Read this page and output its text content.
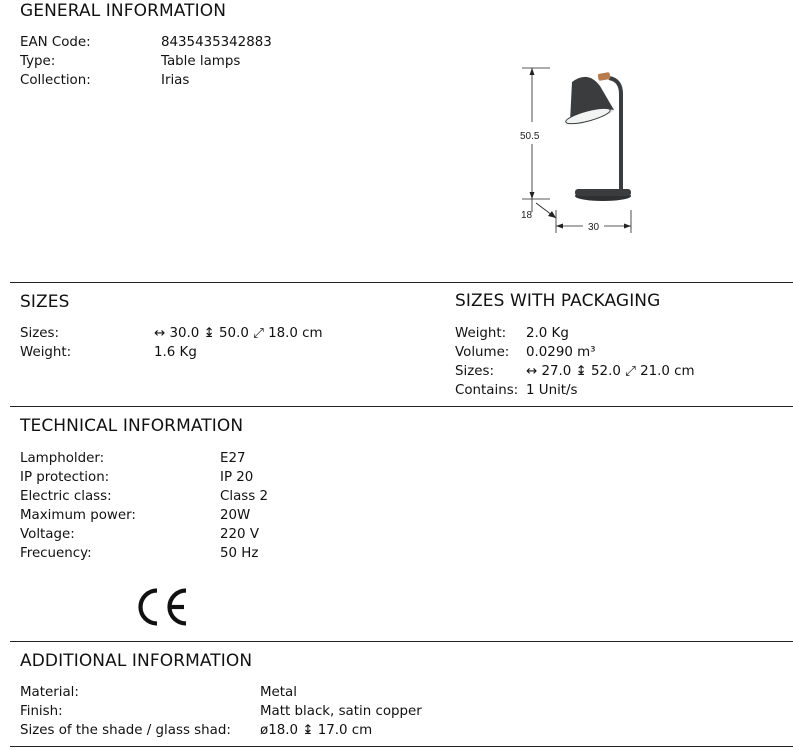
GENERAL INFORMATION
EAN Code:	8435435342883
Type:	Table lamps
Collection:	Irias
50.5
18
30
SIZES
Sizes:	↔ 30.0 ↨ 50.0 ⤢ 18.0 cm
Weight:	1.6 Kg
SIZES WITH PACKAGING
Weight: 2.0 Kg
Volume: 0.0290 m³
Sizes: ↔ 27.0 ↨ 52.0 ⤢ 21.0 cm
Contains: 1 Unit/s
TECHNICAL INFORMATION
Lampholder:	E27
IP protection:	IP 20
Electric class:	Class 2
Maximum power:	20W
Voltage:	220 V
Frecuency:	50 Hz
ADDITIONAL INFORMATION
Material:	Metal
Finish:	Matt black, satin copper
Sizes of the shade / glass shad: ø18.0 ↨ 17.0 cm
